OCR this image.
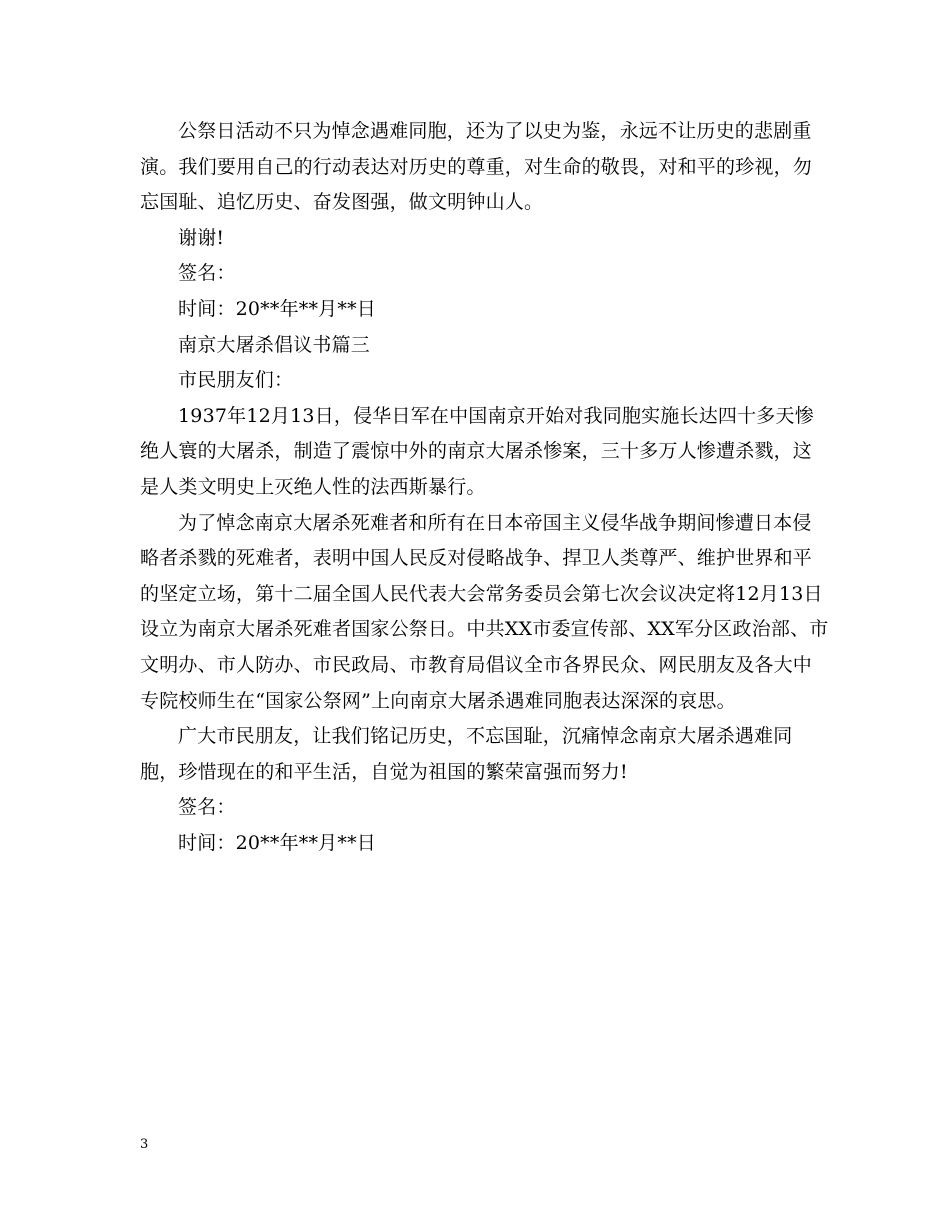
公祭日活动不只为悼念遇难同胞，还为了以史为鉴，永远不让历史的悲剧重演。我们要用自己的行动表达对历史的尊重，对生命的敬畏，对和平的珍视，勿忘国耻、追忆历史、奋发图强，做文明钟山人。

谢谢!

签名：

时间：20**年**月**日

南京大屠杀倡议书篇三

市民朋友们：

1937年12月13日，侵华日军在中国南京开始对我同胞实施长达四十多天惨绝人寰的大屠杀，制造了震惊中外的南京大屠杀惨案，三十多万人惨遭杀戮，这是人类文明史上灭绝人性的法西斯暴行。

为了悼念南京大屠杀死难者和所有在日本帝国主义侵华战争期间惨遭日本侵略者杀戮的死难者，表明中国人民反对侵略战争、捍卫人类尊严、维护世界和平的坚定立场，第十二届全国人民代表大会常务委员会第七次会议决定将12月13日设立为南京大屠杀死难者国家公祭日。中共XX市委宣传部、XX军分区政治部、市文明办、市人防办、市民政局、市教育局倡议全市各界民众、网民朋友及各大中专院校师生在“国家公祭网”上向南京大屠杀遇难同胞表达深深的哀思。

广大市民朋友，让我们铭记历史，不忘国耻，沉痛悼念南京大屠杀遇难同胞，珍惜现在的和平生活，自觉为祖国的繁荣富强而努力!

签名：

时间：20**年**月**日

3
